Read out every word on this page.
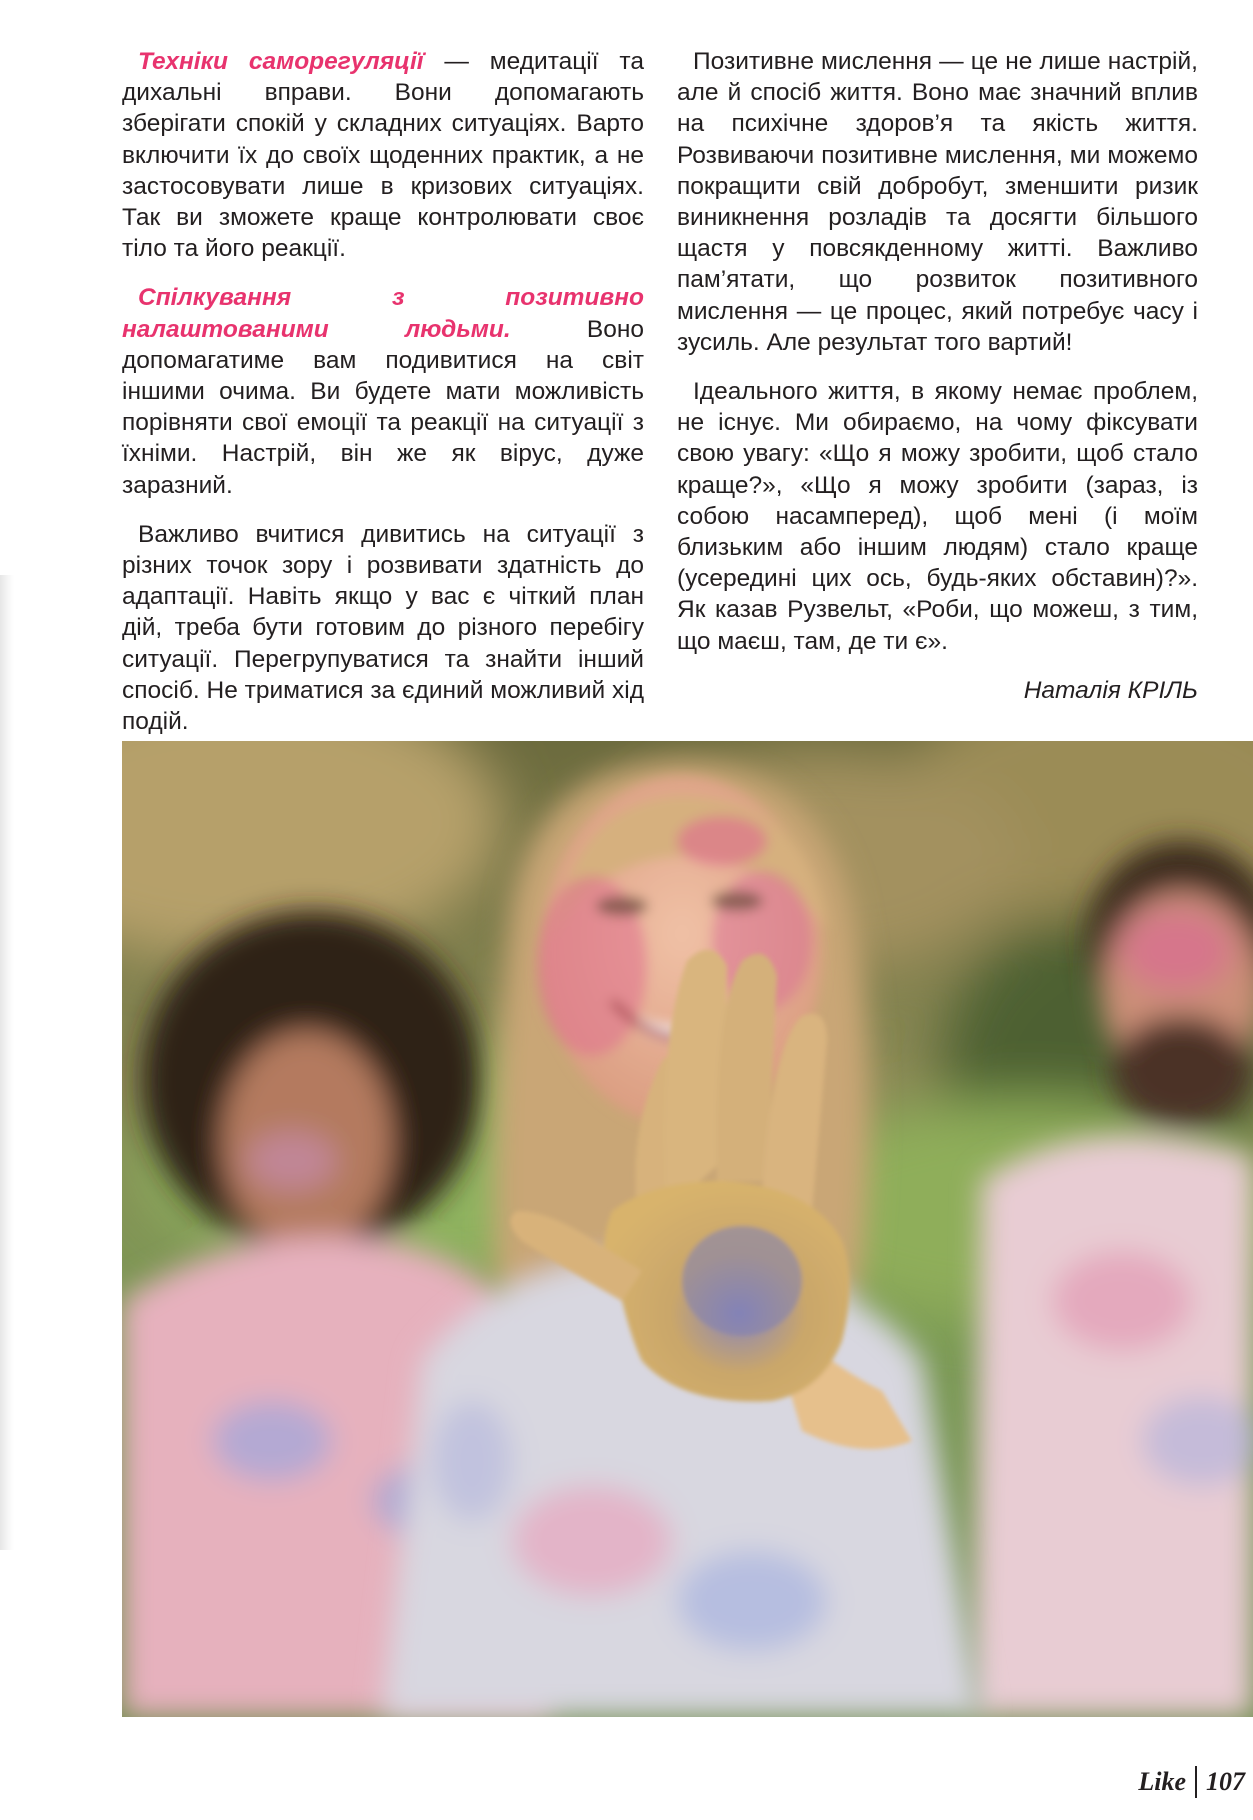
Техніки саморегуляції — медитації та дихальні вправи. Вони допомагають зберігати спокій у складних ситуаціях. Варто включити їх до своїх щоденних практик, а не застосовувати лише в кризових ситуаціях. Так ви зможете краще контролювати своє тіло та його реакції.

Спілкування з позитивно налаштованими людьми. Воно допомагатиме вам подивитися на світ іншими очима. Ви будете мати можливість порівняти свої емоції та реакції на ситуації з їхніми. Настрій, він же як вірус, дуже заразний.

Важливо вчитися дивитись на ситуації з різних точок зору і розвивати здатність до адаптації. Навіть якщо у вас є чіткий план дій, треба бути готовим до різного перебігу ситуації. Перегрупуватися та знайти інший спосіб. Не триматися за єдиний можливий хід подій.

Позитивне мислення — це не лише настрій, але й спосіб життя. Воно має значний вплив на психічне здоров’я та якість життя. Розвиваючи позитивне мислення, ми можемо покращити свій добробут, зменшити ризик виникнення розладів та досягти більшого щастя у повсякденному житті. Важливо пам’ятати, що розвиток позитивного мислення — це процес, який потребує часу і зусиль. Але результат того вартий!

Ідеального життя, в якому немає проблем, не існує. Ми обираємо, на чому фіксувати свою увагу: «Що я можу зробити, щоб стало краще?», «Що я можу зробити (зараз, із собою насамперед), щоб мені (і моїм близьким або іншим людям) стало краще (усередині цих ось, будь-яких обставин)?». Як казав Рузвельт, «Роби, що можеш, з тим, що маєш, там, де ти є».

Наталія КРІЛЬ
Like 107
